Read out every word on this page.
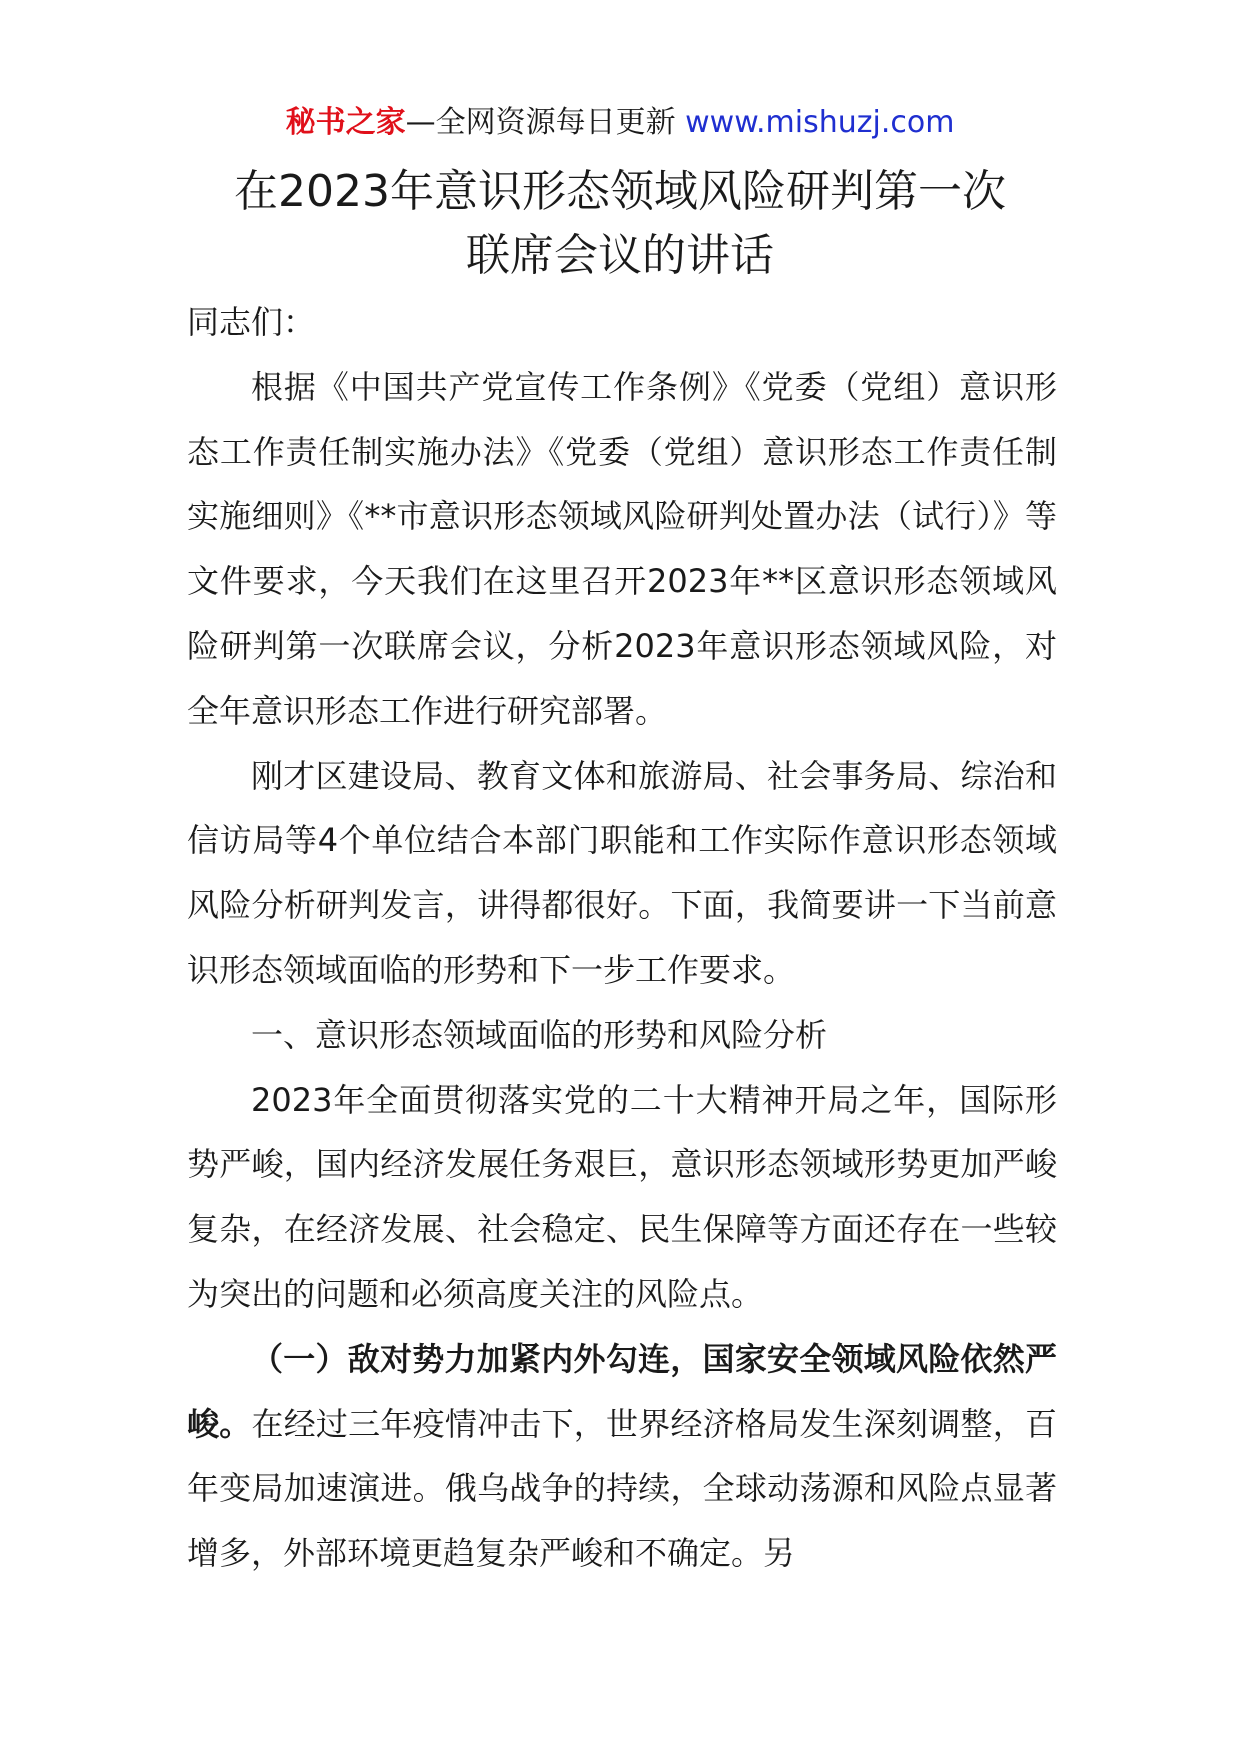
秘书之家—全网资源每日更新 www.mishuzj.com
在2023年意识形态领域风险研判第一次
联席会议的讲话

同志们：

根据《中国共产党宣传工作条例》《党委（党组）意识形态工作责任制实施办法》《党委（党组）意识形态工作责任制实施细则》《**市意识形态领域风险研判处置办法（试行）》等文件要求，今天我们在这里召开2023年**区意识形态领域风险研判第一次联席会议，分析2023年意识形态领域风险，对全年意识形态工作进行研究部署。

刚才区建设局、教育文体和旅游局、社会事务局、综治和信访局等4个单位结合本部门职能和工作实际作意识形态领域风险分析研判发言，讲得都很好。下面，我简要讲一下当前意识形态领域面临的形势和下一步工作要求。

一、意识形态领域面临的形势和风险分析

2023年全面贯彻落实党的二十大精神开局之年，国际形势严峻，国内经济发展任务艰巨，意识形态领域形势更加严峻复杂，在经济发展、社会稳定、民生保障等方面还存在一些较为突出的问题和必须高度关注的风险点。

（一）敌对势力加紧内外勾连，国家安全领域风险依然严峻。在经过三年疫情冲击下，世界经济格局发生深刻调整，百年变局加速演进。俄乌战争的持续，全球动荡源和风险点显著增多，外部环境更趋复杂严峻和不确定。另
